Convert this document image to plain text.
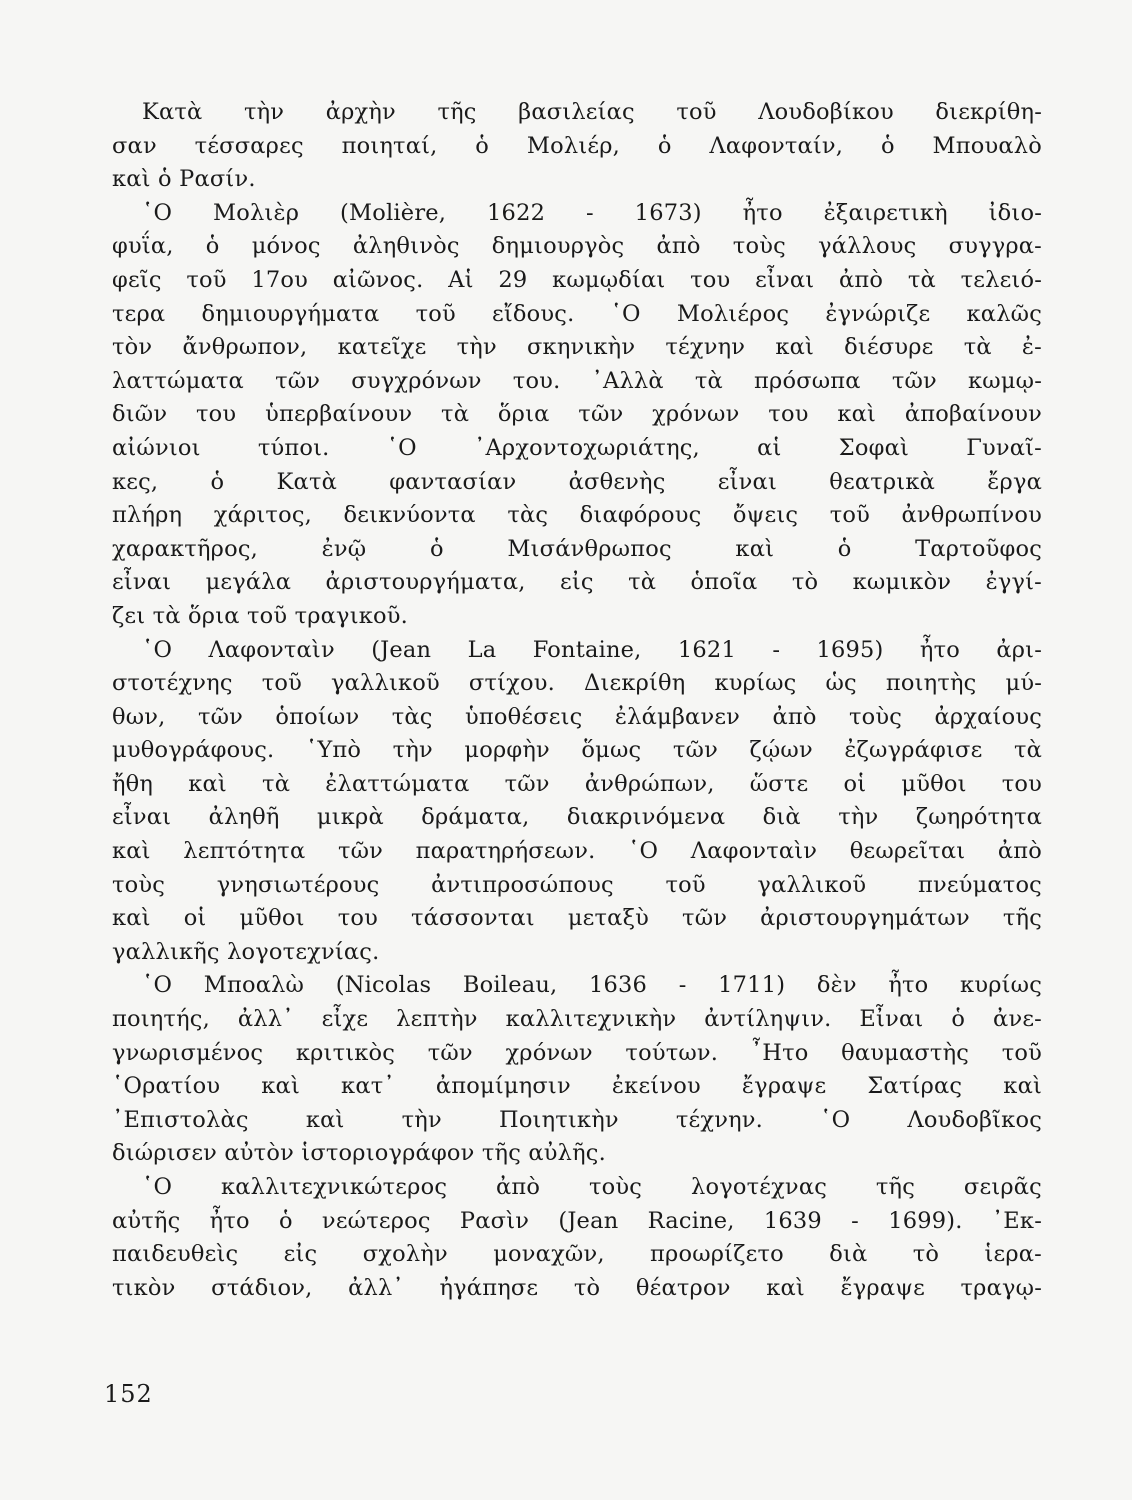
Κατὰ τὴν ἀρχὴν τῆς βασιλείας τοῦ Λουδοβίκου διεκρίθη-
σαν τέσσαρες ποιηταί, ὁ Μολιέρ, ὁ Λαφονταίν, ὁ Μπουαλὸ
καὶ ὁ Ρασίν.
῾Ο Μολιὲρ (Molière, 1622 - 1673) ἦτο ἐξαιρετικὴ ἰδιο-
φυΐα, ὁ μόνος ἀληθινὸς δημιουργὸς ἀπὸ τοὺς γάλλους συγγρα-
φεῖς τοῦ 17ου αἰῶνος. Αἱ 29 κωμῳδίαι του εἶναι ἀπὸ τὰ τελειό-
τερα δημιουργήματα τοῦ εἴδους. ῾Ο Μολιέρος ἐγνώριζε καλῶς
τὸν ἄνθρωπον, κατεῖχε τὴν σκηνικὴν τέχνην καὶ διέσυρε τὰ ἐ-
λαττώματα τῶν συγχρόνων του. ᾿Αλλὰ τὰ πρόσωπα τῶν κωμῳ-
διῶν του ὑπερβαίνουν τὰ ὅρια τῶν χρόνων του καὶ ἀποβαίνουν
αἰώνιοι τύποι. ῾Ο ᾿Αρχοντοχωριάτης, αἱ Σοφαὶ Γυναῖ-
κες, ὁ Κατὰ φαντασίαν ἀσθενὴς εἶναι θεατρικὰ ἔργα
πλήρη χάριτος, δεικνύοντα τὰς διαφόρους ὄψεις τοῦ ἀνθρωπίνου
χαρακτῆρος, ἐνῷ ὁ Μισάνθρωπος καὶ ὁ Ταρτοῦφος
εἶναι μεγάλα ἀριστουργήματα, εἰς τὰ ὁποῖα τὸ κωμικὸν ἐγγί-
ζει τὰ ὅρια τοῦ τραγικοῦ.
῾Ο Λαφονταὶν (Jean La Fontaine, 1621 - 1695) ἦτο ἀρι-
στοτέχνης τοῦ γαλλικοῦ στίχου. Διεκρίθη κυρίως ὡς ποιητὴς μύ-
θων, τῶν ὁποίων τὰς ὑποθέσεις ἐλάμβανεν ἀπὸ τοὺς ἀρχαίους
μυθογράφους. ῾Υπὸ τὴν μορφὴν ὅμως τῶν ζῴων ἐζωγράφισε τὰ
ἤθη καὶ τὰ ἐλαττώματα τῶν ἀνθρώπων, ὥστε οἱ μῦθοι του
εἶναι ἀληθῆ μικρὰ δράματα, διακρινόμενα διὰ τὴν ζωηρότητα
καὶ λεπτότητα τῶν παρατηρήσεων. ῾Ο Λαφονταὶν θεωρεῖται ἀπὸ
τοὺς γνησιωτέρους ἀντιπροσώπους τοῦ γαλλικοῦ πνεύματος
καὶ οἱ μῦθοι του τάσσονται μεταξὺ τῶν ἀριστουργημάτων τῆς
γαλλικῆς λογοτεχνίας.
῾Ο Μποαλὼ (Nicolas Boileau, 1636 - 1711) δὲν ἦτο κυρίως
ποιητής, ἀλλ᾿ εἶχε λεπτὴν καλλιτεχνικὴν ἀντίληψιν. Εἶναι ὁ ἀνε-
γνωρισμένος κριτικὸς τῶν χρόνων τούτων. ῏Ητο θαυμαστὴς τοῦ
῾Ορατίου καὶ κατ᾿ ἀπομίμησιν ἐκείνου ἔγραψε Σατίρας καὶ
᾿Επιστολὰς καὶ τὴν Ποιητικὴν τέχνην. ῾Ο Λουδοβῖκος
διώρισεν αὐτὸν ἱστοριογράφον τῆς αὐλῆς.
῾Ο καλλιτεχνικώτερος ἀπὸ τοὺς λογοτέχνας τῆς σειρᾶς
αὐτῆς ἦτο ὁ νεώτερος Ρασὶν (Jean Racine, 1639 - 1699). ᾿Εκ-
παιδευθεὶς εἰς σχολὴν μοναχῶν, προωρίζετο διὰ τὸ ἱερα-
τικὸν στάδιον, ἀλλ᾿ ἠγάπησε τὸ θέατρον καὶ ἔγραψε τραγῳ-
152
